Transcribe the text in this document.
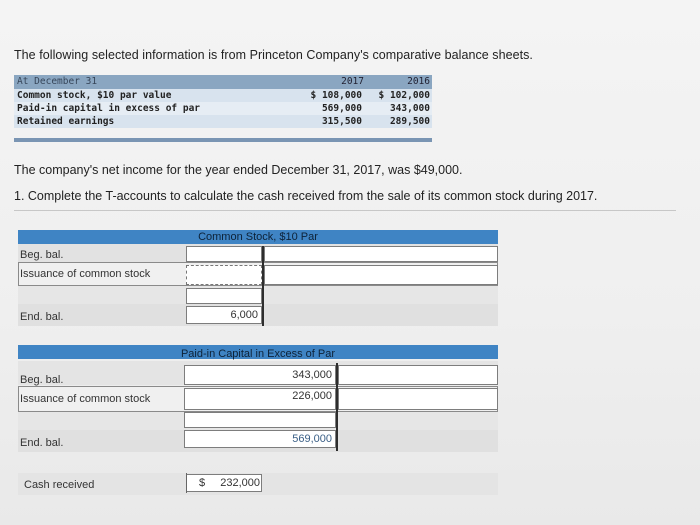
The following selected information is from Princeton Company's comparative balance sheets.
At December 31	2017	2016
Common stock, $10 par value	$ 108,000	$ 102,000
Paid-in capital in excess of par	569,000	343,000
Retained earnings	315,500	289,500
The company's net income for the year ended December 31, 2017, was $49,000.
1. Complete the T-accounts to calculate the cash received from the sale of its common stock during 2017.
Common Stock, $10 Par
Beg. bal.
Issuance of common stock
End. bal.	6,000
Paid-in Capital in Excess of Par
Beg. bal.	343,000
Issuance of common stock	226,000
End. bal.	569,000
Cash received	$	232,000
